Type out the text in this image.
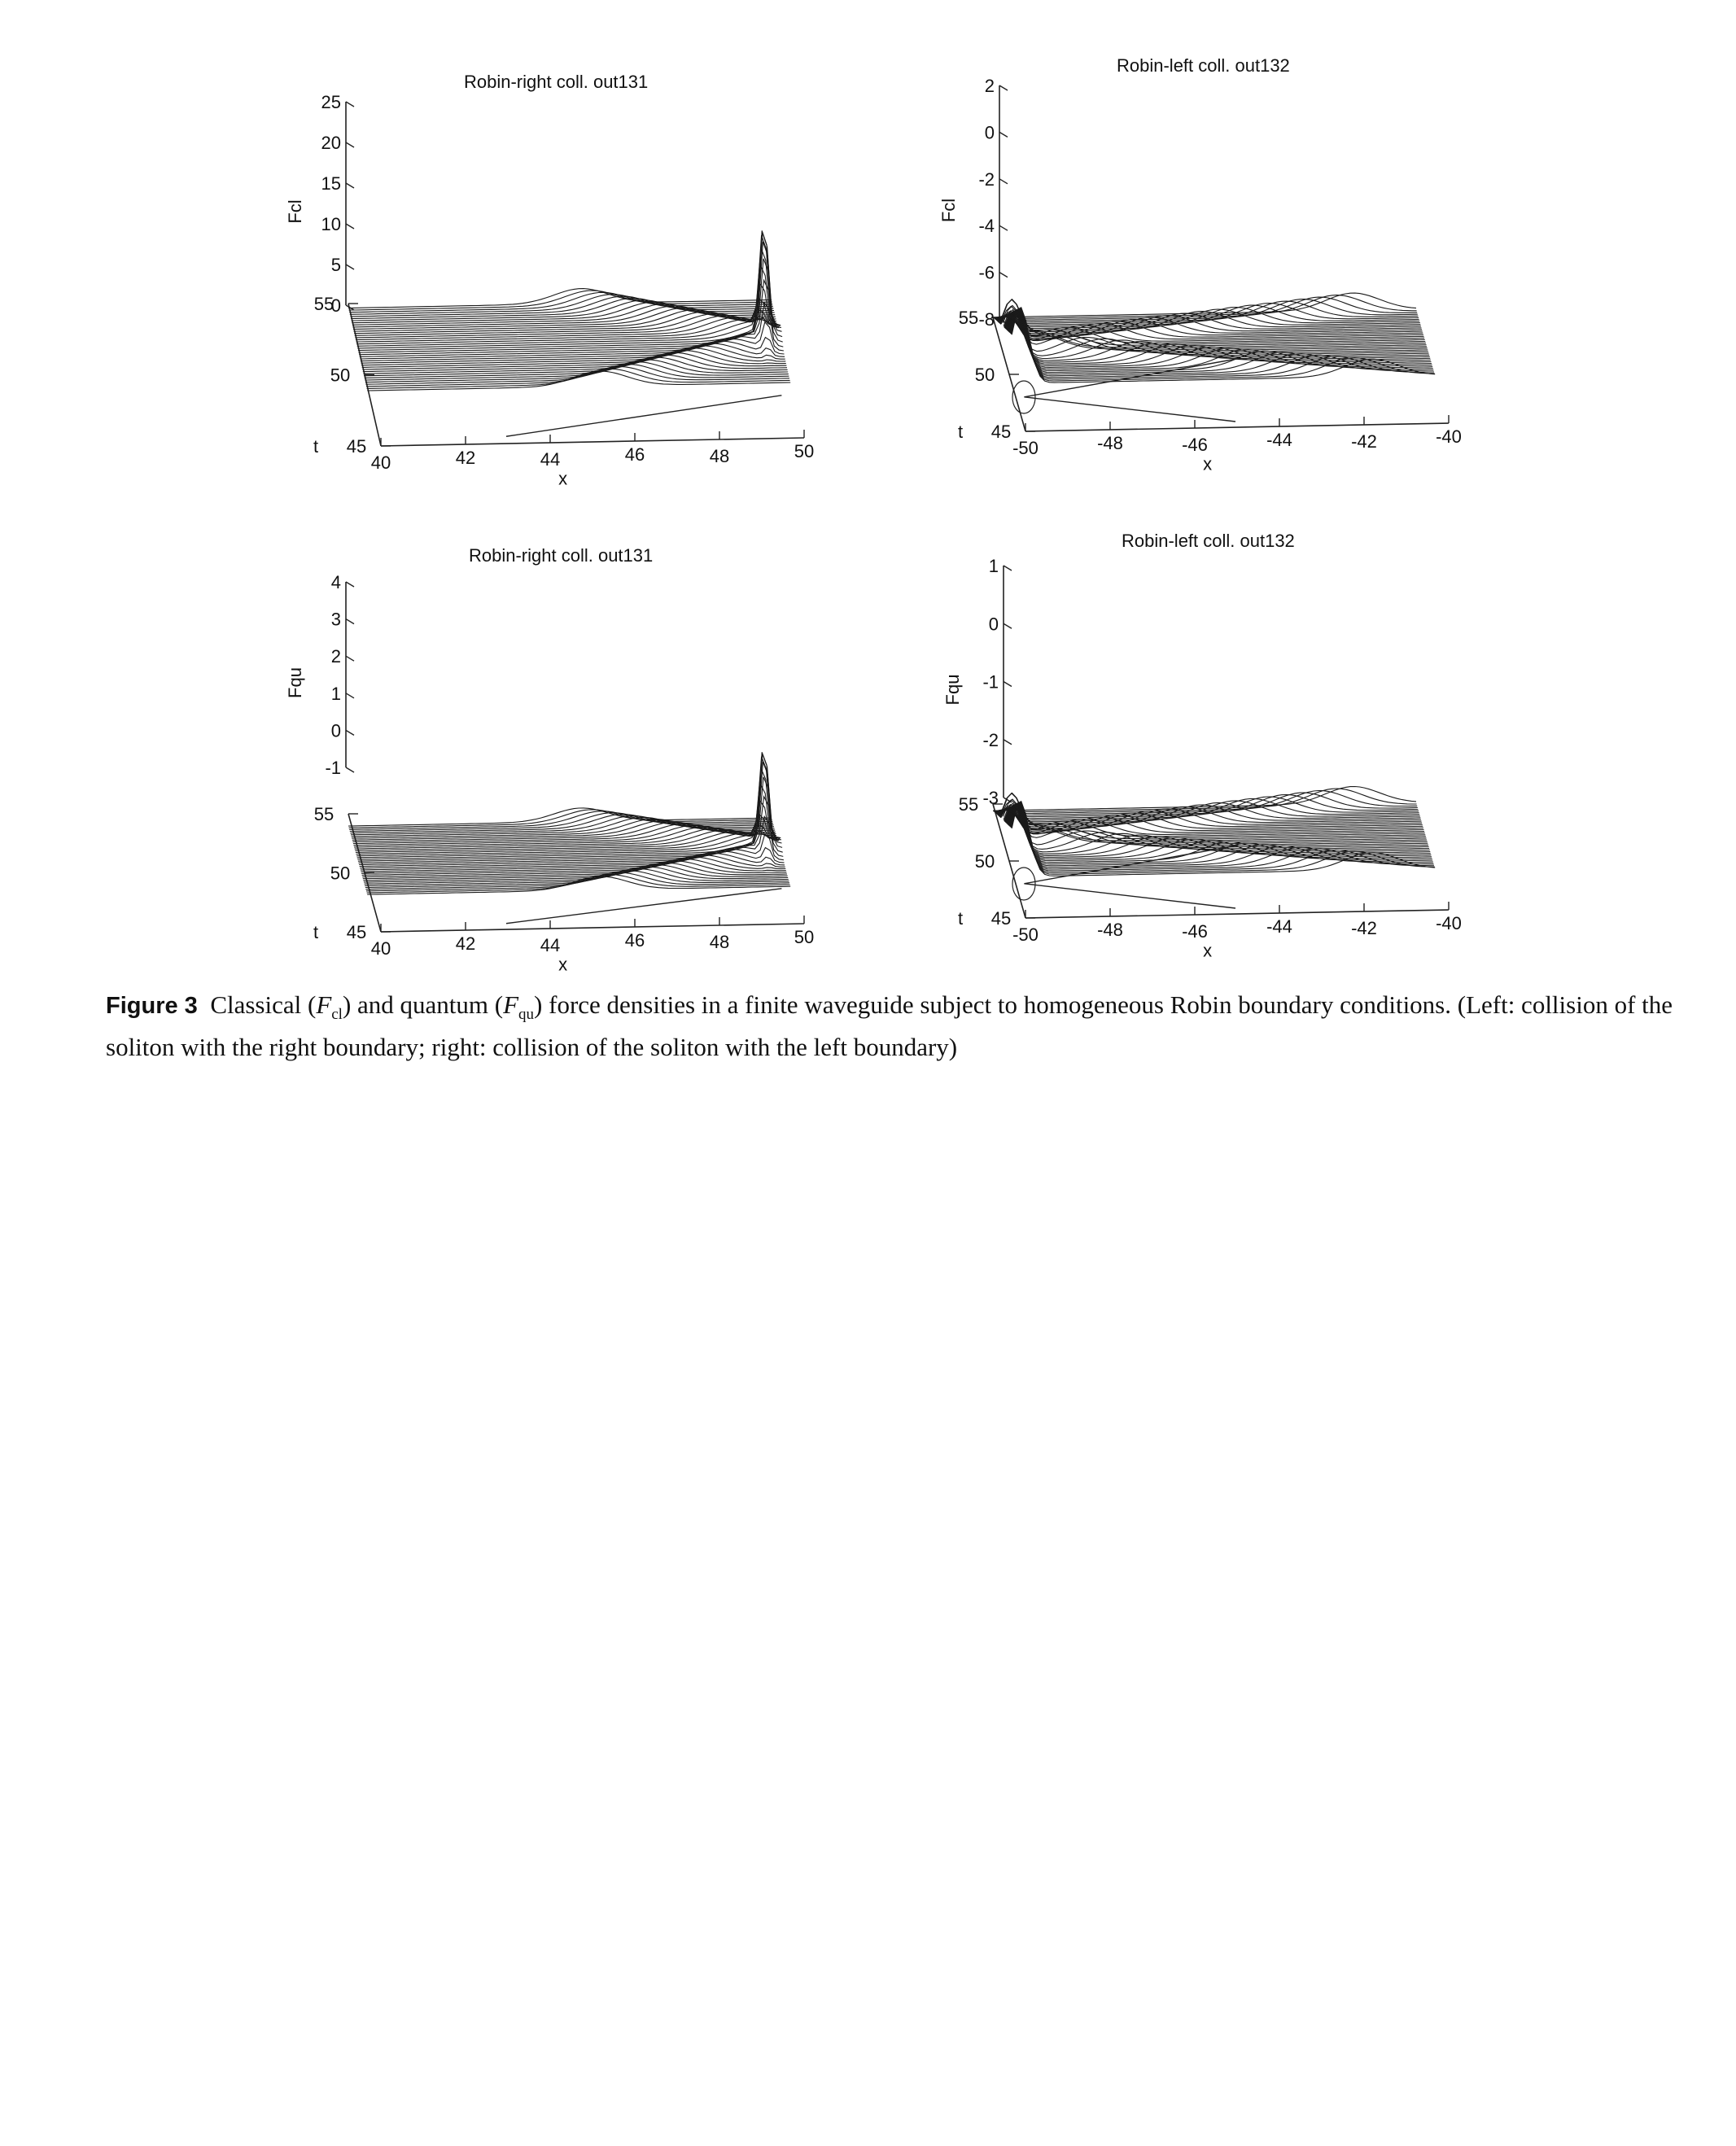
Robin-right coll. out131
40	42	44	46	48	50
x
45
50
55
t
0
5
10
15
20
25
Fcl
Robin-left coll. out132
-50	-48	-46	-44	-42	-40
x
45
50
55
t
-8
-6
-4
-2
0
2
Fcl
Robin-right coll. out131
40	42	44	46	48	50
x
45
50
55
t
-1
0
1
2
3
4
Fqu
Robin-left coll. out132
-50	-48	-46	-44	-42	-40
x
45
50
55
t
-3
-2
-1
0
1
Fqu
Figure 3 Classical $(F_{cl})$ and quantum $(F_{qu})$ force densities in a finite waveguide subject to homogeneous Robin boundary conditions. (Left: collision of the soliton with the right boundary; right: collision of the soliton with the left boundary)
